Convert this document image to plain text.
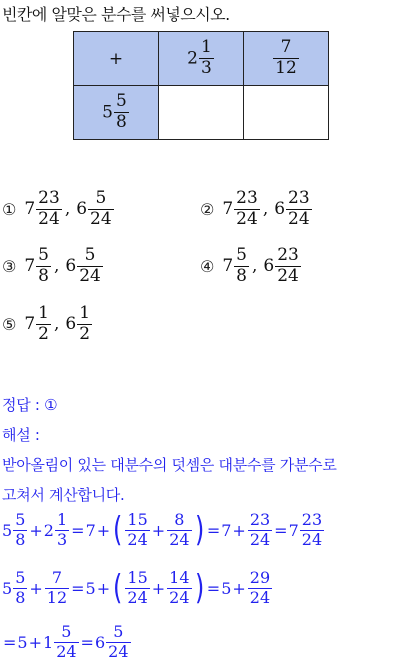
빈칸에 알맞은 분수를 써넣으시오.
+	$2 \frac{1}{3}$	$\frac{7}{12}$

$5 \frac{5}{8}$

① $7 \frac{23}{24}$ , $6 \frac{5}{24}$	② $7 \frac{23}{24}$ , $6 \frac{23}{24}$
③ $7 \frac{5}{8}$ , $6 \frac{5}{24}$	④ $7 \frac{5}{8}$ , $6 \frac{23}{24}$
⑤ $7 \frac{1}{2}$ , $6 \frac{1}{2}$
정답 : ①
해설 :
받아올림이 있는 대분수의 덧셈은 대분수를 가분수로
고쳐서 계산합니다.
$5 \frac{5}{8} + 2 \frac{1}{3} = 7$ + ( $\frac{15}{24} + \frac{8}{24}$ ) = $7 + \frac{23}{24} = 7 \frac{23}{24}$
$5 \frac{5}{8} + \frac{7}{12} = 5$ + ( $\frac{15}{24} + \frac{14}{24}$ ) = $5 + \frac{29}{24}$
= $5 + 1 \frac{5}{24} = 6 \frac{5}{24}$
